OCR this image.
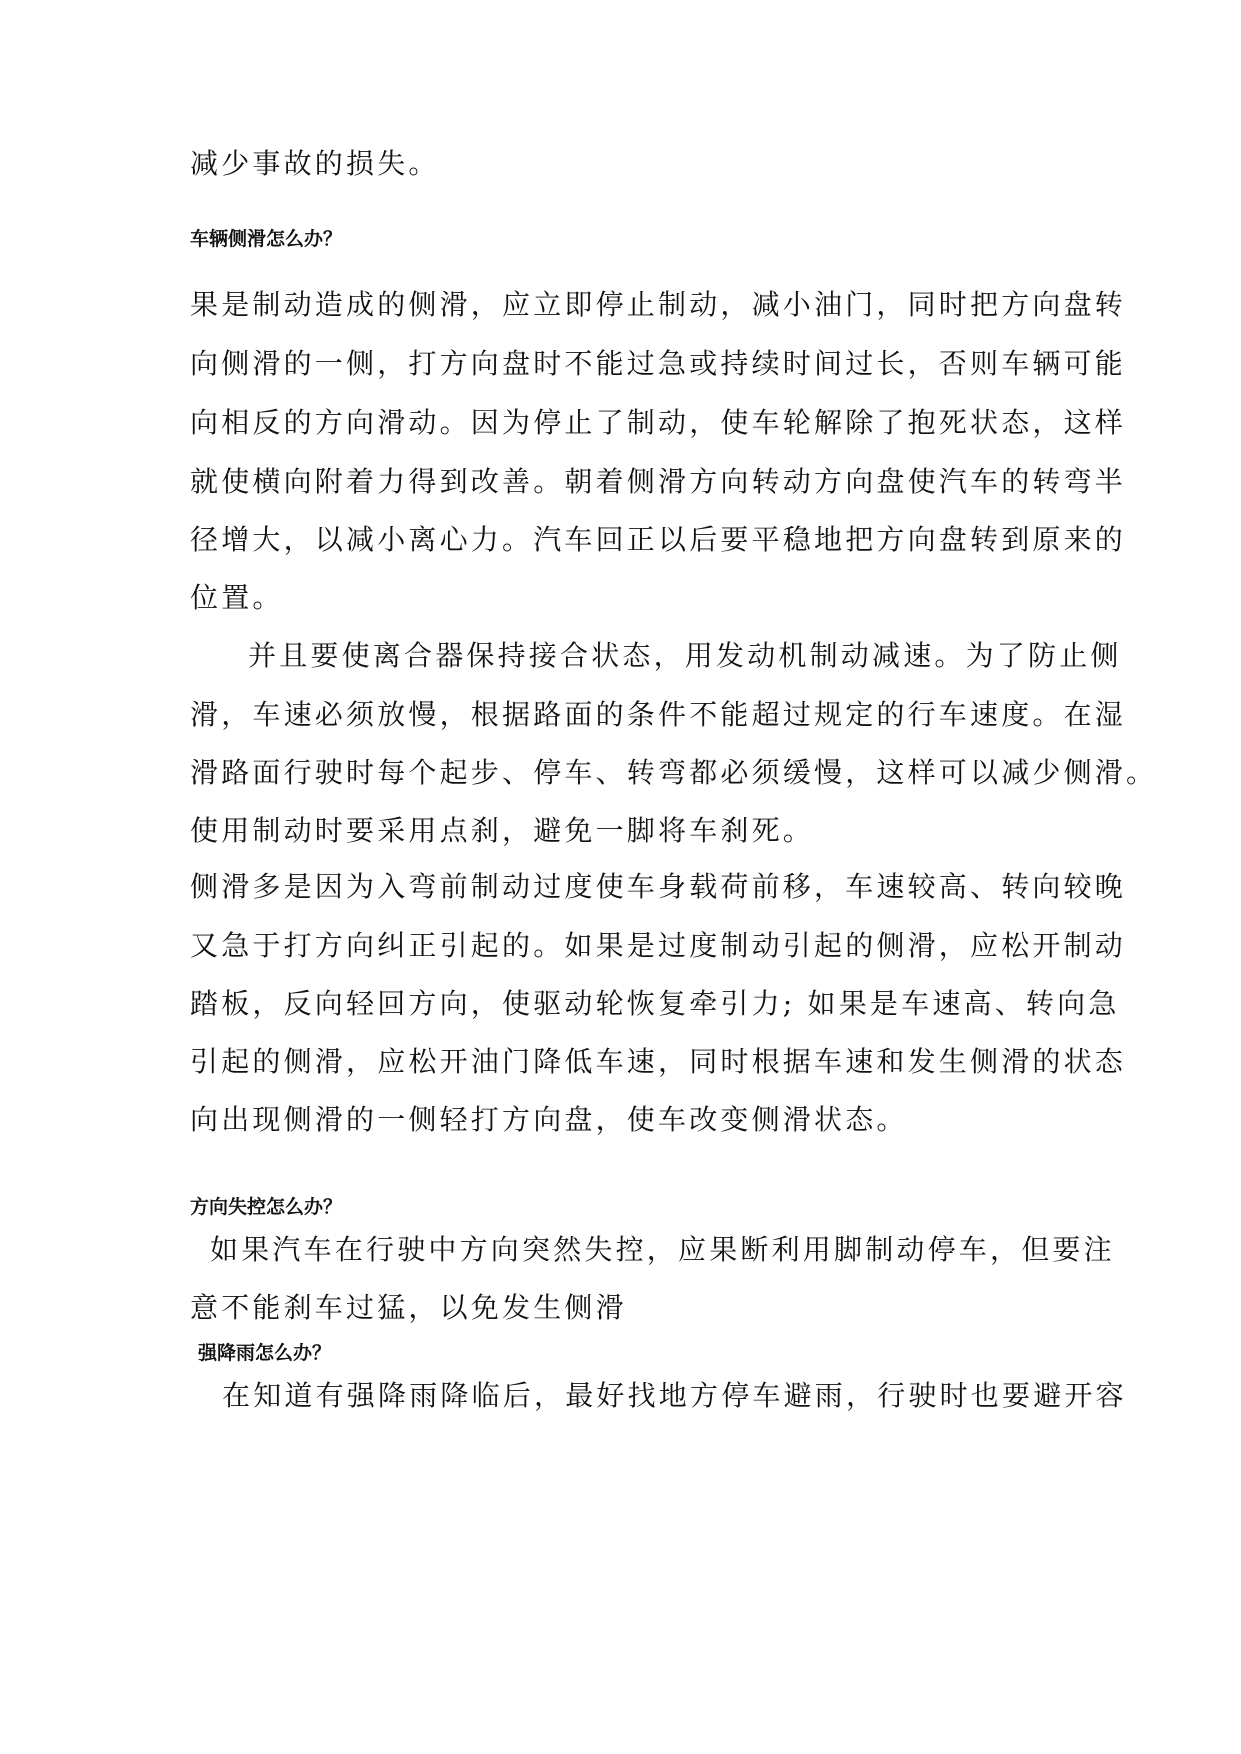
减少事故的损失。
车辆侧滑怎么办？
果是制动造成的侧滑，应立即停止制动，减小油门，同时把方向盘转
向侧滑的一侧，打方向盘时不能过急或持续时间过长，否则车辆可能
向相反的方向滑动。因为停止了制动，使车轮解除了抱死状态，这样
就使横向附着力得到改善。朝着侧滑方向转动方向盘使汽车的转弯半
径增大，以减小离心力。汽车回正以后要平稳地把方向盘转到原来的
位置。
并且要使离合器保持接合状态，用发动机制动减速。为了防止侧
滑，车速必须放慢，根据路面的条件不能超过规定的行车速度。在湿
滑路面行驶时每个起步、停车、转弯都必须缓慢，这样可以减少侧滑。
使用制动时要采用点刹，避免一脚将车刹死。
侧滑多是因为入弯前制动过度使车身载荷前移，车速较高、转向较晚
又急于打方向纠正引起的。如果是过度制动引起的侧滑，应松开制动
踏板，反向轻回方向，使驱动轮恢复牵引力; 如果是车速高、转向急
引起的侧滑，应松开油门降低车速，同时根据车速和发生侧滑的状态
向出现侧滑的一侧轻打方向盘，使车改变侧滑状态。
方向失控怎么办？
如果汽车在行驶中方向突然失控，应果断利用脚制动停车，但要注
意不能刹车过猛，以免发生侧滑
强降雨怎么办？
在知道有强降雨降临后，最好找地方停车避雨，行驶时也要避开容
